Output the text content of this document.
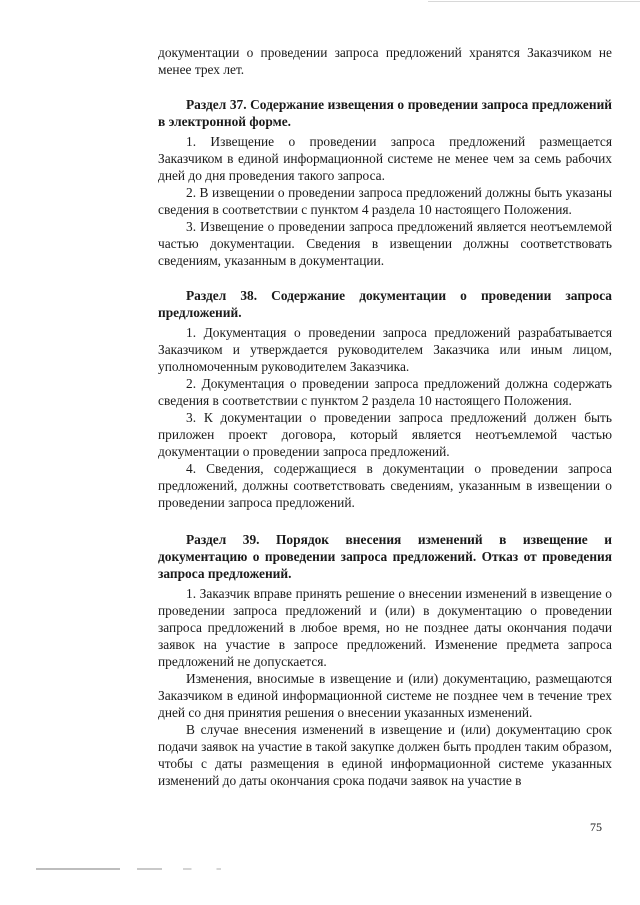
документации о проведении запроса предложений хранятся Заказчиком не менее трех лет.

Раздел 37. Содержание извещения о проведении запроса предложений в электронной форме.

1. Извещение о проведении запроса предложений размещается Заказчиком в единой информационной системе не менее чем за семь рабочих дней до дня проведения такого запроса.

2. В извещении о проведении запроса предложений должны быть указаны сведения в соответствии с пунктом 4 раздела 10 настоящего Положения.

3. Извещение о проведении запроса предложений является неотъемлемой частью документации. Сведения в извещении должны соответствовать сведениям, указанным в документации.

Раздел 38. Содержание документации о проведении запроса предложений.

1. Документация о проведении запроса предложений разрабатывается Заказчиком и утверждается руководителем Заказчика или иным лицом, уполномоченным руководителем Заказчика.

2. Документация о проведении запроса предложений должна содержать сведения в соответствии с пунктом 2 раздела 10 настоящего Положения.

3. К документации о проведении запроса предложений должен быть приложен проект договора, который является неотъемлемой частью документации о проведении запроса предложений.

4. Сведения, содержащиеся в документации о проведении запроса предложений, должны соответствовать сведениям, указанным в извещении о проведении запроса предложений.

Раздел 39. Порядок внесения изменений в извещение и документацию о проведении запроса предложений. Отказ от проведения запроса предложений.

1. Заказчик вправе принять решение о внесении изменений в извещение о проведении запроса предложений и (или) в документацию о проведении запроса предложений в любое время, но не позднее даты окончания подачи заявок на участие в запросе предложений. Изменение предмета запроса предложений не допускается.

Изменения, вносимые в извещение и (или) документацию, размещаются Заказчиком в единой информационной системе не позднее чем в течение трех дней со дня принятия решения о внесении указанных изменений.

В случае внесения изменений в извещение и (или) документацию срок подачи заявок на участие в такой закупке должен быть продлен таким образом, чтобы с даты размещения в единой информационной системе указанных изменений до даты окончания срока подачи заявок на участие в

75
